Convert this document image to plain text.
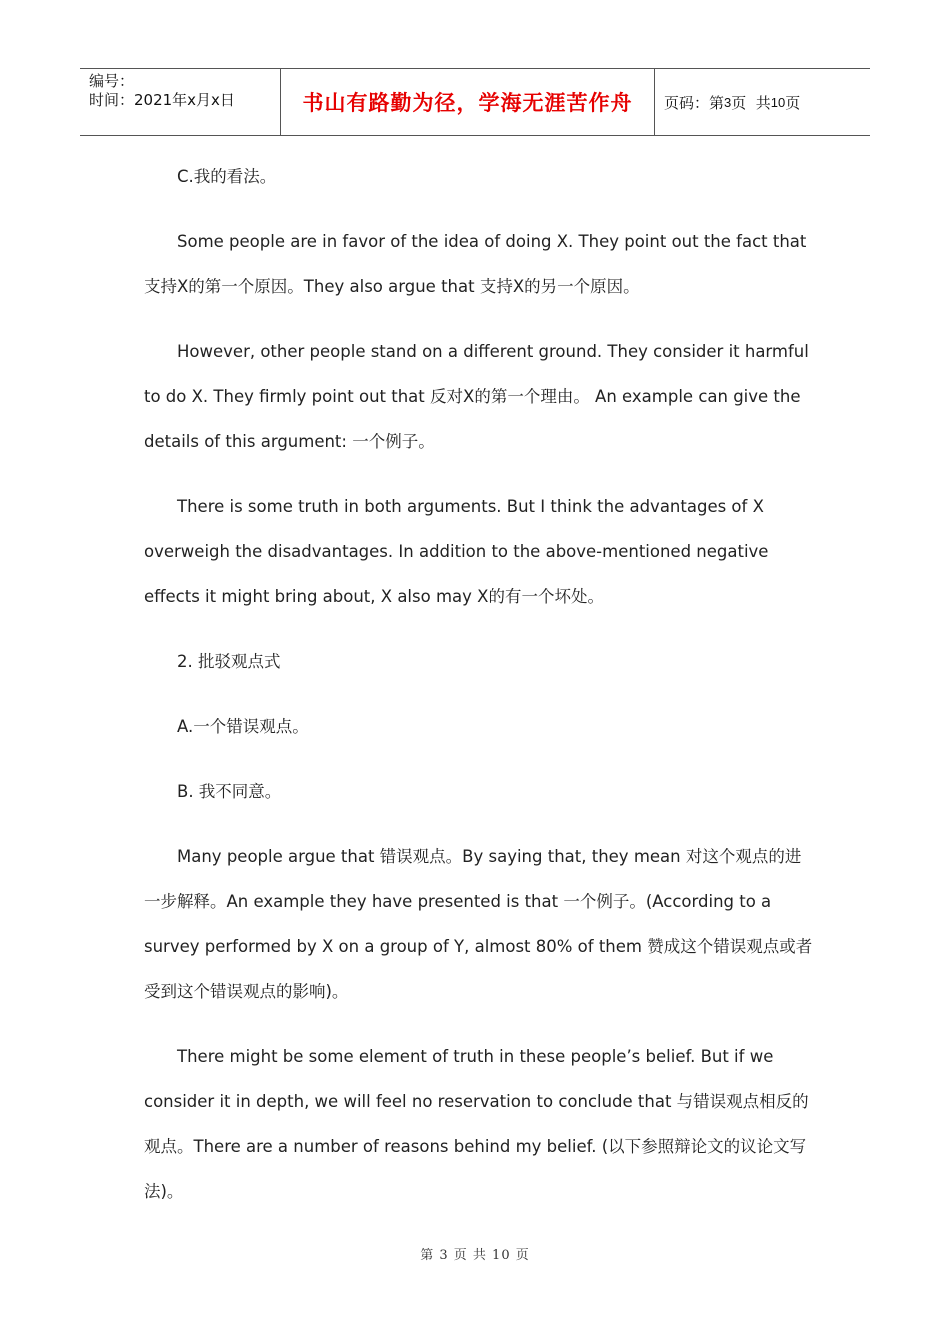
编号：
时间：2021年x月x日	书山有路勤为径，学海无涯苦作舟	页码：第 3 页  共 10 页

C.我的看法。

Some people are in favor of the idea of doing X. They point out the fact that 支持X的第一个原因。They also argue that 支持X的另一个原因。

However, other people stand on a different ground. They consider it harmful to do X. They firmly point out that 反对X的第一个理由。 An example can give the details of this argument: 一个例子。

There is some truth in both arguments. But I think the advantages of X overweigh the disadvantages. In addition to the above-mentioned negative effects it might bring about, X also may X的有一个坏处。

2. 批驳观点式

A.一个错误观点。

B. 我不同意。

Many people argue that 错误观点。By saying that, they mean 对这个观点的进一步解释。An example they have presented is that 一个例子。(According to a survey performed by X on a group of Y, almost 80% of them 赞成这个错误观点或者受到这个错误观点的影响)。

There might be some element of truth in these people’s belief. But if we consider it in depth, we will feel no reservation to conclude that 与错误观点相反的观点。There are a number of reasons behind my belief. (以下参照辩论文的议论文写法)。

第 3 页 共 10 页
